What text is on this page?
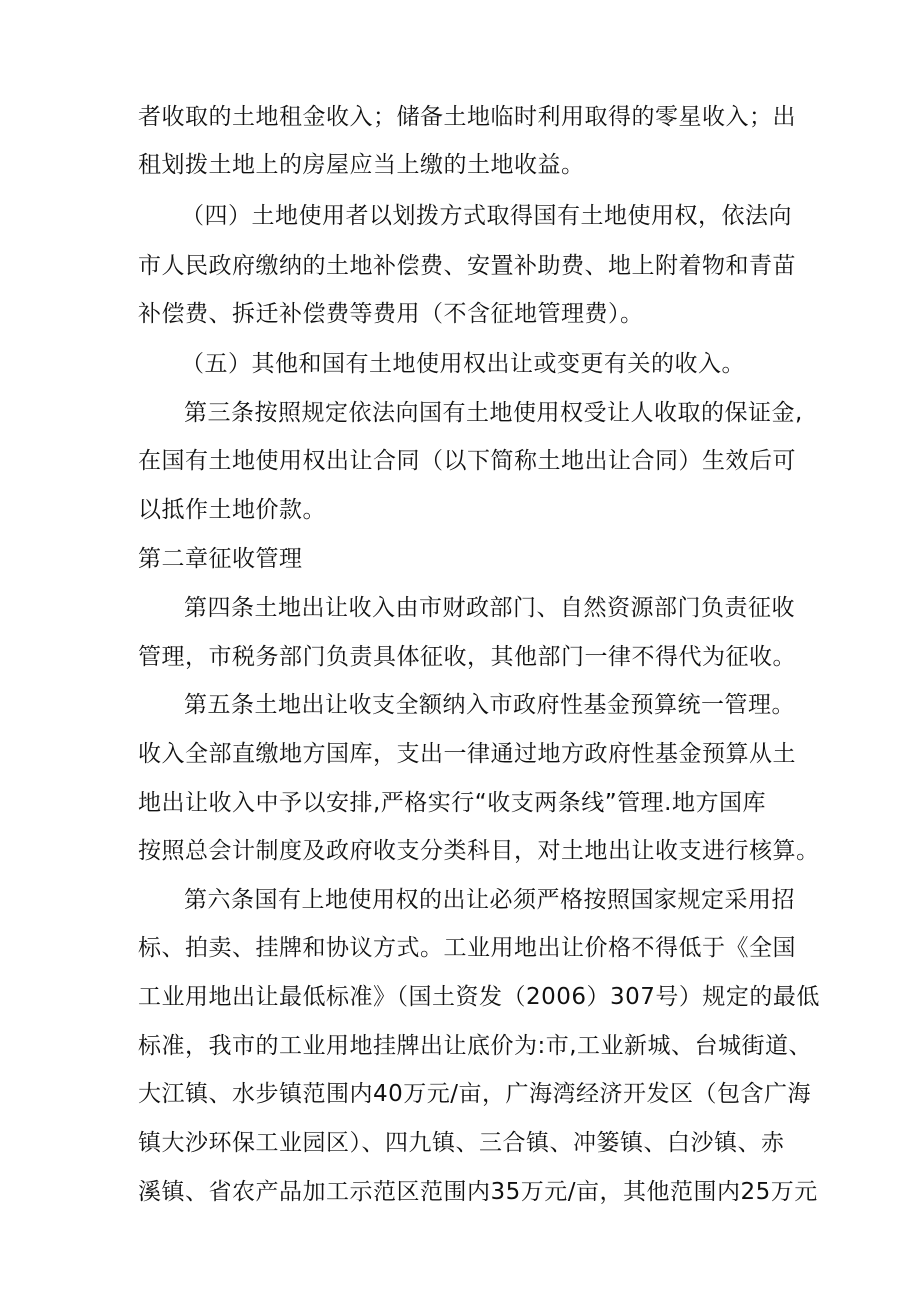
者收取的土地租金收入；储备土地临时利用取得的零星收入；出
租划拨土地上的房屋应当上缴的土地收益。
（四）土地使用者以划拨方式取得国有土地使用权，依法向
市人民政府缴纳的土地补偿费、安置补助费、地上附着物和青苗
补偿费、拆迁补偿费等费用（不含征地管理费）。
（五）其他和国有土地使用权出让或变更有关的收入。
第三条按照规定依法向国有土地使用权受让人收取的保证金,
在国有土地使用权出让合同（以下简称土地出让合同）生效后可
以抵作土地价款。
第二章征收管理
第四条土地出让收入由市财政部门、自然资源部门负责征收
管理，市税务部门负责具体征收，其他部门一律不得代为征收。
第五条土地出让收支全额纳入市政府性基金预算统一管理。
收入全部直缴地方国库，支出一律通过地方政府性基金预算从土
地出让收入中予以安排,严格实行“收支两条线”管理.地方国库
按照总会计制度及政府收支分类科目，对土地出让收支进行核算。
第六条国有上地使用权的出让必须严格按照国家规定采用招
标、拍卖、挂牌和协议方式。工业用地出让价格不得低于《全国
工业用地出让最低标准》（国土资发（2006）307号）规定的最低
标准，我市的工业用地挂牌出让底价为:市,工业新城、台城街道、
大江镇、水步镇范围内40万元/亩，广海湾经济开发区（包含广海
镇大沙环保工业园区）、四九镇、三合镇、冲篓镇、白沙镇、赤
溪镇、省农产品加工示范区范围内35万元/亩，其他范围内25万元
